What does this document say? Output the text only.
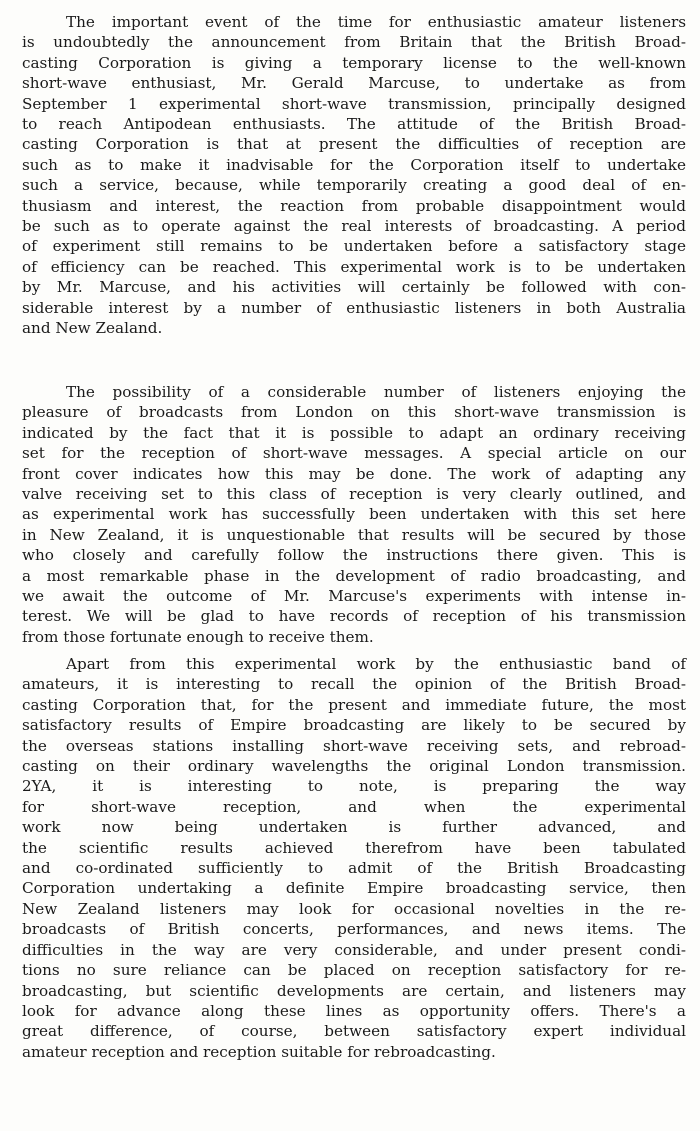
The important event of the time for enthusiastic amateur listeners
is undoubtedly the announcement from Britain that the British Broad-
casting Corporation is giving a temporary license to the well-known
short-wave enthusiast, Mr. Gerald Marcuse, to undertake as from
September 1 experimental short-wave transmission, principally designed
to reach Antipodean enthusiasts. The attitude of the British Broad-
casting Corporation is that at present the difficulties of reception are
such as to make it inadvisable for the Corporation itself to undertake
such a service, because, while temporarily creating a good deal of en-
thusiasm and interest, the reaction from probable disappointment would
be such as to operate against the real interests of broadcasting. A period
of experiment still remains to be undertaken before a satisfactory stage
of efficiency can be reached. This experimental work is to be undertaken
by Mr. Marcuse, and his activities will certainly be followed with con-
siderable interest by a number of enthusiastic listeners in both Australia
and New Zealand.
The possibility of a considerable number of listeners enjoying the
pleasure of broadcasts from London on this short-wave transmission is
indicated by the fact that it is possible to adapt an ordinary receiving
set for the reception of short-wave messages. A special article on our
front cover indicates how this may be done. The work of adapting any
valve receiving set to this class of reception is very clearly outlined, and
as experimental work has successfully been undertaken with this set here
in New Zealand, it is unquestionable that results will be secured by those
who closely and carefully follow the instructions there given. This is
a most remarkable phase in the development of radio broadcasting, and
we await the outcome of Mr. Marcuse's experiments with intense in-
terest. We will be glad to have records of reception of his transmission
from those fortunate enough to receive them.
Apart from this experimental work by the enthusiastic band of
amateurs, it is interesting to recall the opinion of the British Broad-
casting Corporation that, for the present and immediate future, the most
satisfactory results of Empire broadcasting are likely to be secured by
the overseas stations installing short-wave receiving sets, and rebroad-
casting on their ordinary wavelengths the original London transmission.
2YA, it is interesting to note, is preparing the way
for short-wave reception, and when the experimental
work now being undertaken is further advanced, and
the scientific results achieved therefrom have been tabulated
and co-ordinated sufficiently to admit of the British Broadcasting
Corporation undertaking a definite Empire broadcasting service, then
New Zealand listeners may look for occasional novelties in the re-
broadcasts of British concerts, performances, and news items. The
difficulties in the way are very considerable, and under present condi-
tions no sure reliance can be placed on reception satisfactory for re-
broadcasting, but scientific developments are certain, and listeners may
look for advance along these lines as opportunity offers. There's a
great difference, of course, between satisfactory expert individual
amateur reception and reception suitable for rebroadcasting.
